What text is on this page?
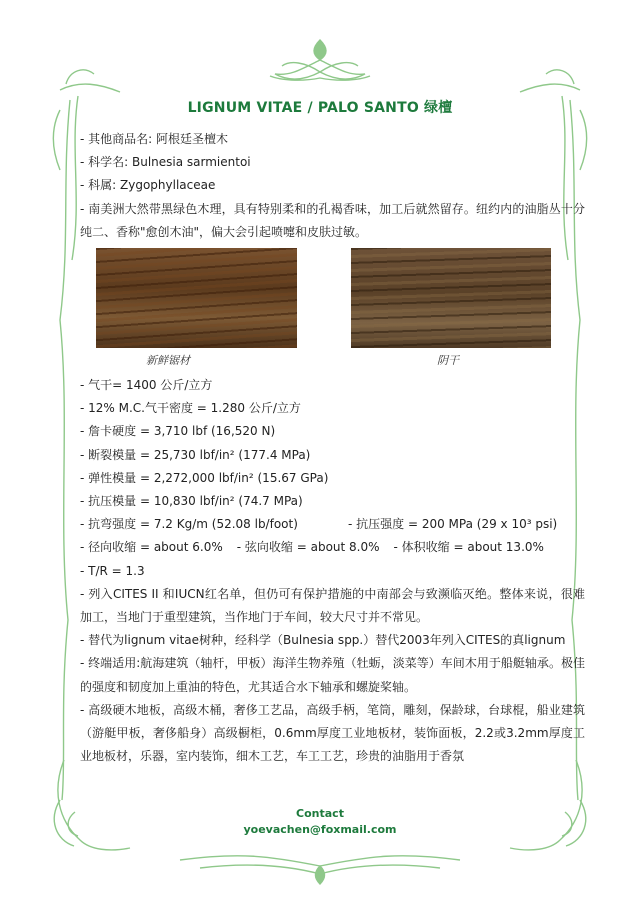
LIGNUM VITAE / PALO SANTO 绿檀
- 其他商品名: 阿根廷圣檀木
- 科学名: Bulnesia sarmientoi
- 科属: Zygophyllaceae

- 南美洲大然带黑绿色木理，具有特别柔和的孔褐香味，加工后就然留存。纽约内的油脂丛十分纯二、香称"愈创木油"，偏大会引起喷嚏和皮肤过敏。

新鲜锯材	阴干
- 气干= 1400 公斤/立方
- 12% M.C.气干密度 = 1.280 公斤/立方
- 詹卡硬度 = 3,710 lbf (16,520 N)
- 断裂模量 = 25,730 lbf/in² (177.4 MPa)
- 弹性模量 = 2,272,000 lbf/in² (15.67 GPa)
- 抗压模量 = 10,830 lbf/in² (74.7 MPa)
- 抗弯强度 = 7.2 Kg/m (52.08 lb/foot)	- 抗压强度 = 200 MPa (29 x 10³ psi)
- 径向收缩 = about 6.0% - 弦向收缩 = about 8.0% - 体积收缩 = about 13.0%
- T/R = 1.3

- 列入CITES II 和IUCN红名单，但仍可有保护措施的中南部会与致濒临灭绝。整体来说，很难加工，当地门于重型建筑，当作地门于车间，较大尺寸并不常见。

- 替代为lignum vitae树种，经科学（Bulnesia spp.）替代2003年列入CITES的真lignum

- 终端适用:航海建筑（轴杆，甲板）海洋生物养殖（牡蛎，淡菜等）车间木用于船艇轴承。极佳的强度和韧度加上重油的特色，尤其适合水下轴承和螺旋桨轴。

- 高级硬木地板，高级木桶，奢侈工艺品，高级手柄，笔筒，雕刻，保龄球，台球棍，船业建筑（游艇甲板，奢侈船身）高级橱柜，0.6mm厚度工业地板材，装饰面板，2.2或3.2mm厚度工业地板材，乐器，室内装饰，细木工艺，车工工艺，珍贵的油脂用于香氛

Contact
yoevachen@foxmail.com
